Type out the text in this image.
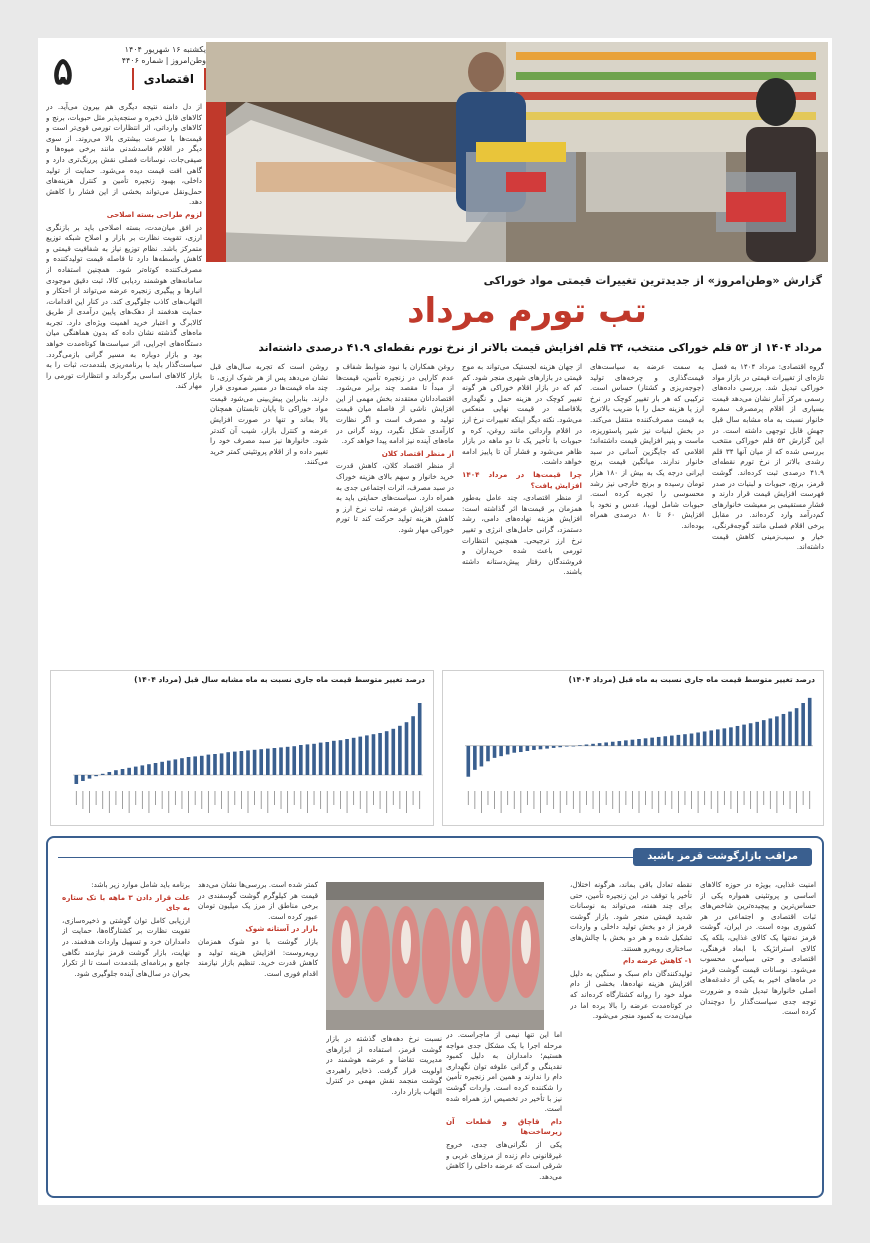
۵	یکشنبه ۱۶ شهریور ۱۴۰۴
وطن‌امروز | شماره ۴۴۰۶
اقتصادی
گزارش «وطن‌امروز» از جدیدترین تغییرات قیمتی مواد خوراکی
تب تورم مرداد
مرداد ۱۴۰۴ از ۵۳ قلم خوراکی منتخب، ۳۴ قلم افزایش قیمت بالاتر از نرخ تورم نقطه‌ای ۴۱.۹ درصدی داشته‌اند

از دل دامنه‌ نتیجه دیگری هم بیرون می‌آید. در کالاهای قابل ذخیره و سنجه‌پذیر مثل حبوبات، برنج و کالاهای وارداتی، اثر انتظارات تورمی قوی‌تر است و قیمت‌ها با سرعت بیشتری بالا می‌روند. از سوی دیگر در اقلام فاسدشدنی مانند برخی میوه‌ها و صیفی‌جات، نوسانات فصلی نقش پررنگ‌تری دارد و گاهی افت قیمت دیده می‌شود. حمایت از تولید داخلی، بهبود زنجیره تأمین و کنترل هزینه‌های حمل‌ونقل می‌تواند بخشی از این فشار را کاهش دهد.

لزوم طراحی بسته اصلاحی

در افق میان‌مدت، بسته اصلاحی باید بر بازنگری ارزی، تقویت نظارت بر بازار و اصلاح شبکه توزیع متمرکز باشد. نظام توزیع نیاز به شفافیت قیمتی و کاهش واسطه‌ها دارد تا فاصله قیمت تولیدکننده و مصرف‌کننده کوتاه‌تر شود. همچنین استفاده از سامانه‌های هوشمند ردیابی کالا، ثبت دقیق موجودی انبارها و پیگیری زنجیره عرضه می‌تواند از احتکار و التهاب‌های کاذب جلوگیری کند. در کنار این اقدامات، حمایت هدفمند از دهک‌های پایین درآمدی از طریق کالابرگ و اعتبار خرید اهمیت ویژه‌ای دارد. تجربه ماه‌های گذشته نشان داده که بدون هماهنگی میان دستگاه‌های اجرایی، اثر سیاست‌ها کوتاه‌مدت خواهد بود و بازار دوباره به مسیر گرانی بازمی‌گردد. سیاست‌گذار باید با برنامه‌ریزی بلندمدت، ثبات را به بازار کالاهای اساسی برگرداند و انتظارات تورمی را مهار کند.

گروه اقتصادی: مرداد ۱۴۰۴ به فصل تازه‌ای از تغییرات قیمتی در بازار مواد خوراکی تبدیل شد. بررسی داده‌های رسمی مرکز آمار نشان می‌دهد قیمت بسیاری از اقلام پرمصرف سفره خانوار نسبت به ماه مشابه سال قبل جهش قابل توجهی داشته است. در این گزارش ۵۳ قلم خوراکی منتخب بررسی شده که از میان آنها ۳۴ قلم رشدی بالاتر از نرخ تورم نقطه‌ای ۴۱.۹ درصدی ثبت کرده‌اند. گوشت قرمز، برنج، حبوبات و لبنیات در صدر فهرست افزایش قیمت قرار دارند و فشار مستقیمی بر معیشت خانوارهای کم‌درآمد وارد کرده‌اند. در مقابل برخی اقلام فصلی مانند گوجه‌فرنگی، خیار و سیب‌زمینی کاهش قیمت داشته‌اند.

به سمت عرضه به سیاست‌های قیمت‌گذاری و چرخه‌های تولید (جوجه‌ریزی و کشتار) حساس است. ترکیبی که هر بار تغییر کوچک در نرخ ارز یا هزینه حمل را با ضریب بالاتری به قیمت مصرف‌کننده منتقل می‌کند. در بخش لبنیات نیز شیر پاستوریزه، ماست و پنیر افزایش قیمت داشته‌اند؛ اقلامی که جایگزین آسانی در سبد خانوار ندارند. میانگین قیمت برنج ایرانی درجه یک به بیش از ۱۸۰ هزار تومان رسیده و برنج خارجی نیز رشد محسوسی را تجربه کرده است. حبوبات شامل لوبیا، عدس و نخود با افزایش ۶۰ تا ۸۰ درصدی همراه بوده‌اند.

از جهان هزینه لجستیک می‌تواند به موج قیمتی در بازارهای شهری منجر شود. کم کم که در بازار اقلام خوراکی هر گونه تغییر کوچک در هزینه حمل و نگهداری بلافاصله در قیمت نهایی منعکس می‌شود. نکته دیگر اینکه تغییرات نرخ ارز در اقلام وارداتی مانند روغن، کره و حبوبات با تأخیر یک تا دو ماهه در بازار ظاهر می‌شود و فشار آن تا پاییز ادامه خواهد داشت.

چرا قیمت‌ها در مرداد ۱۴۰۴ افزایش یافت؟

از منظر اقتصادی، چند عامل به‌طور همزمان بر قیمت‌ها اثر گذاشته است: افزایش هزینه نهاده‌های دامی، رشد دستمزد، گرانی حامل‌های انرژی و تغییر نرخ ارز ترجیحی. همچنین انتظارات تورمی باعث شده خریداران و فروشندگان رفتار پیش‌دستانه داشته باشند.

روغن همکاران با نبود ضوابط شفاف و عدم کارایی در زنجیره تأمین، قیمت‌ها از مبدأ تا مقصد چند برابر می‌شود. اقتصاددانان معتقدند بخش مهمی از این افزایش ناشی از فاصله میان قیمت تولید و مصرف است و اگر نظارت کارآمدی شکل نگیرد، روند گرانی در ماه‌های آینده نیز ادامه پیدا خواهد کرد.

از منظر اقتصاد کلان

از منظر اقتصاد کلان، کاهش قدرت خرید خانوار و سهم بالای هزینه خوراک در سبد مصرف، اثرات اجتماعی جدی به همراه دارد. سیاست‌های حمایتی باید به سمت افزایش عرضه، ثبات نرخ ارز و کاهش هزینه تولید حرکت کند تا تورم خوراکی مهار شود.

روشن است که تجربه سال‌های قبل نشان می‌دهد پس از هر شوک ارزی، تا چند ماه قیمت‌ها در مسیر صعودی قرار دارند. بنابراین پیش‌بینی می‌شود قیمت مواد خوراکی تا پایان تابستان همچنان بالا بماند و تنها در صورت افزایش عرضه و کنترل بازار، شیب آن کندتر شود. خانوارها نیز سبد مصرف خود را تغییر داده و از اقلام پروتئینی کمتر خرید می‌کنند.

درصد تغییر متوسط قیمت ماه جاری نسبت به ماه قبل (مرداد ۱۴۰۴)
درصد تغییر متوسط قیمت ماه جاری نسبت به ماه مشابه سال قبل (مرداد ۱۴۰۴)
مراقب بازارگوشت قرمز باشید

امنیت غذایی، بویژه در حوزه کالاهای اساسی و پروتئینی همواره یکی از حساس‌ترین و پیچیده‌ترین شاخص‌های ثبات اقتصادی و اجتماعی در هر کشوری بوده است. در ایران، گوشت قرمز نه‌تنها یک کالای غذایی، بلکه یک کالای استراتژیک با ابعاد فرهنگی، اقتصادی و حتی سیاسی محسوب می‌شود. نوسانات قیمت گوشت قرمز در ماه‌های اخیر به یکی از دغدغه‌های اصلی خانوارها تبدیل شده و ضرورت توجه جدی سیاست‌گذار را دوچندان کرده است.

نقطه تعادل باقی بماند، هرگونه اختلال، تأخیر یا توقف در این زنجیره تأمین، حتی برای چند هفته، می‌تواند به نوسانات شدید قیمتی منجر شود. بازار گوشت قرمز از دو بخش تولید داخلی و واردات تشکیل شده و هر دو بخش با چالش‌های ساختاری روبه‌رو هستند.

۱- کاهش عرضه دام

تولیدکنندگان دام سبک و سنگین به دلیل افزایش هزینه نهاده‌ها، بخشی از دام مولد خود را روانه کشتارگاه کرده‌اند که در کوتاه‌مدت عرضه را بالا برده اما در میان‌مدت به کمبود منجر می‌شود.

اما این تنها نیمی از ماجراست. در مرحله اجرا با یک مشکل جدی مواجه هستیم؛ دامداران به دلیل کمبود نقدینگی و گرانی علوفه توان نگهداری دام را ندارند و همین امر زنجیره تأمین را شکننده کرده است. واردات گوشت نیز با تأخیر در تخصیص ارز همراه شده است.

دام قاچاق و قطعات آن زیرساخت‌ها

یکی از نگرانی‌های جدی، خروج غیرقانونی دام زنده از مرزهای غربی و شرقی است که عرضه داخلی را کاهش می‌دهد.

نسبت نرخ دهه‌های گذشته در بازار گوشت قرمز، استفاده از ابزارهای مدیریت تقاضا و عرضه هوشمند در اولویت قرار گرفت. ذخایر راهبردی گوشت منجمد نقش مهمی در کنترل التهاب بازار دارد.

کمتر شده است. بررسی‌ها نشان می‌دهد قیمت هر کیلوگرم گوشت گوسفندی در برخی مناطق از مرز یک میلیون تومان عبور کرده است.

بازار در آستانه شوک

بازار گوشت با دو شوک همزمان روبه‌روست: افزایش هزینه تولید و کاهش قدرت خرید. تنظیم بازار نیازمند اقدام فوری است.

برنامه باید شامل موارد زیر باشد:

علت قرار دادن ۳ ماهه با تک ستاره به جای

ارزیابی کامل توان گوشتی و ذخیره‌سازی، تقویت نظارت بر کشتارگاه‌ها، حمایت از دامداران خرد و تسهیل واردات هدفمند. در نهایت، بازار گوشت قرمز نیازمند نگاهی جامع و برنامه‌ای بلندمدت است تا از تکرار بحران در سال‌های آینده جلوگیری شود.
